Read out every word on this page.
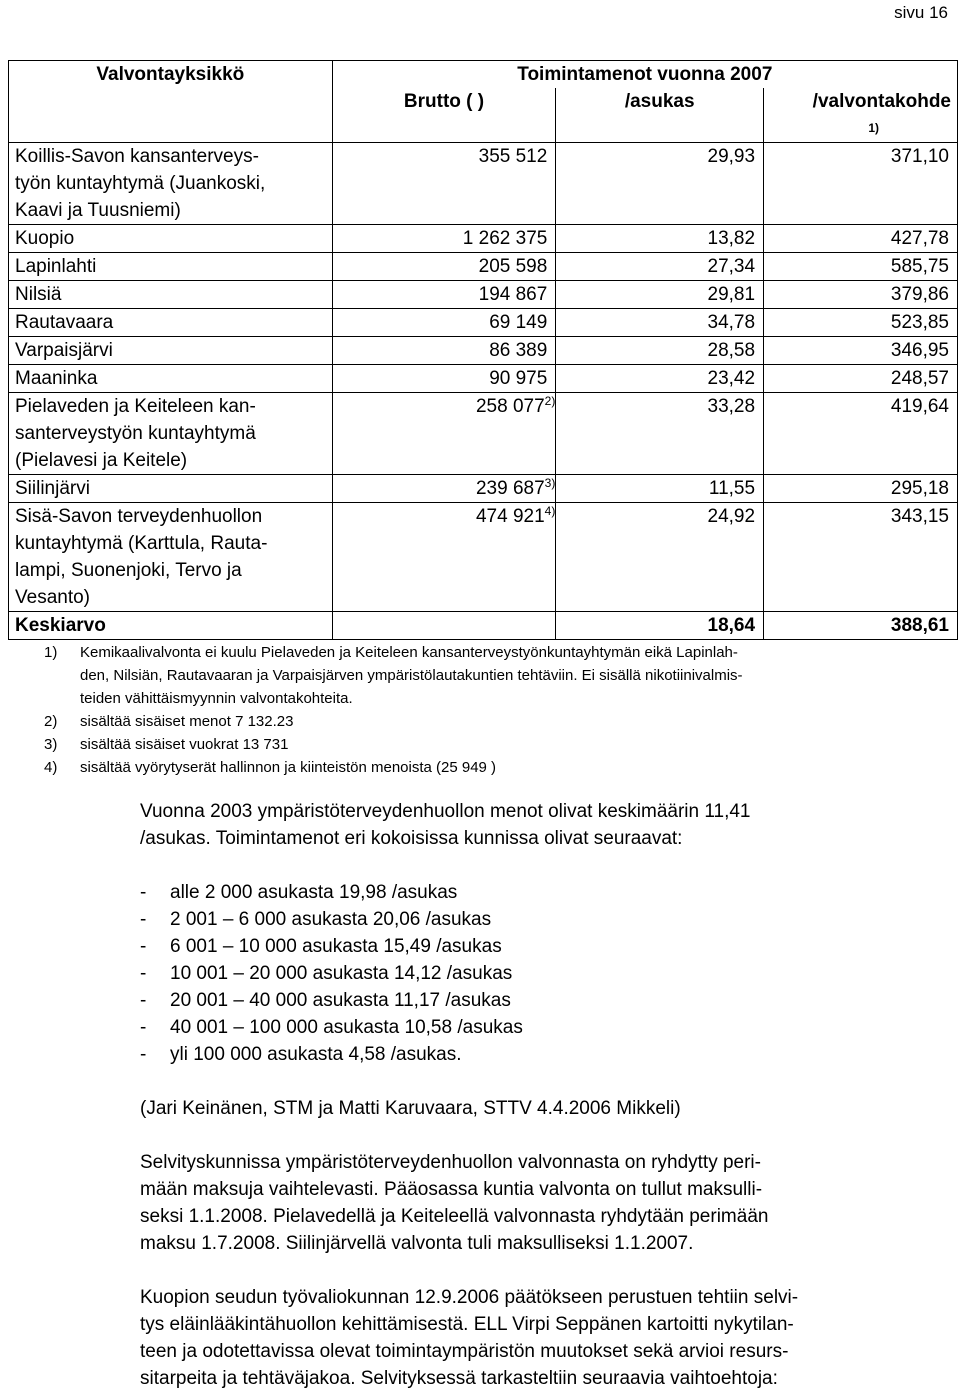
sivu 16
Valvontayksikkö	Toimintamenot vuonna 2007		
	Brutto ( )	/asukas	/valvontakohde
			1)
Koillis-Savon kansanterveys-
työn kuntayhtymä (Juankoski,
Kaavi ja Tuusniemi)	355 512	29,93	371,10
Kuopio	1 262 375	13,82	427,78
Lapinlahti	205 598	27,34	585,75
Nilsiä	194 867	29,81	379,86
Rautavaara	69 149	34,78	523,85
Varpaisjärvi	86 389	28,58	346,95
Maaninka	90 975	23,42	248,57
Pielaveden ja Keiteleen kan-
santerveystyön kuntayhtymä
(Pielavesi ja Keitele)	258 077$^{2)}$	33,28	419,64
Siilinjärvi	239 687$^{3)}$	11,55	295,18
Sisä-Savon terveydenhuollon
kuntayhtymä (Karttula, Rauta-
lampi, Suonenjoki, Tervo ja
Vesanto)	474 921$^{4)}$	24,92	343,15
Keskiarvo		18,64	388,61
1) Kemikaalivalvonta ei kuulu Pielaveden ja Keiteleen kansanterveystyönkuntayhtymän eikä Lapinlah-
den, Nilsiän, Rautavaaran ja Varpaisjärven ympäristölautakuntien tehtäviin. Ei sisällä nikotiinivalmis-
teiden vähittäismyynnin valvontakohteita.
2) sisältää sisäiset menot 7 132.23
3) sisältää sisäiset vuokrat 13 731
4) sisältää vyörytyserät hallinnon ja kiinteistön menoista (25 949 )

Vuonna 2003 ympäristöterveydenhuollon menot olivat keskimäärin 11,41
/asukas. Toimintamenot eri kokoisissa kunnissa olivat seuraavat:

- alle 2 000 asukasta 19,98 /asukas
- 2 001 – 6 000 asukasta 20,06 /asukas
- 6 001 – 10 000 asukasta 15,49 /asukas
- 10 001 – 20 000 asukasta 14,12 /asukas
- 20 001 – 40 000 asukasta 11,17 /asukas
- 40 001 – 100 000 asukasta 10,58 /asukas
- yli 100 000 asukasta 4,58 /asukas.

(Jari Keinänen, STM ja Matti Karuvaara, STTV 4.4.2006 Mikkeli)

Selvityskunnissa ympäristöterveydenhuollon valvonnasta on ryhdytty peri-
mään maksuja vaihtelevasti. Pääosassa kuntia valvonta on tullut maksulli-
seksi 1.1.2008. Pielavedellä ja Keiteleellä valvonnasta ryhdytään perimään
maksu 1.7.2008. Siilinjärvellä valvonta tuli maksulliseksi 1.1.2007.

Kuopion seudun työvaliokunnan 12.9.2006 päätökseen perustuen tehtiin selvi-
tys eläinlääkintähuollon kehittämisestä. ELL Virpi Seppänen kartoitti nykytilan-
teen ja odotettavissa olevat toimintaympäristön muutokset sekä arvioi resurs-
sitarpeita ja tehtäväjakoa. Selvityksessä tarkasteltiin seuraavia vaihtoehtoja:
